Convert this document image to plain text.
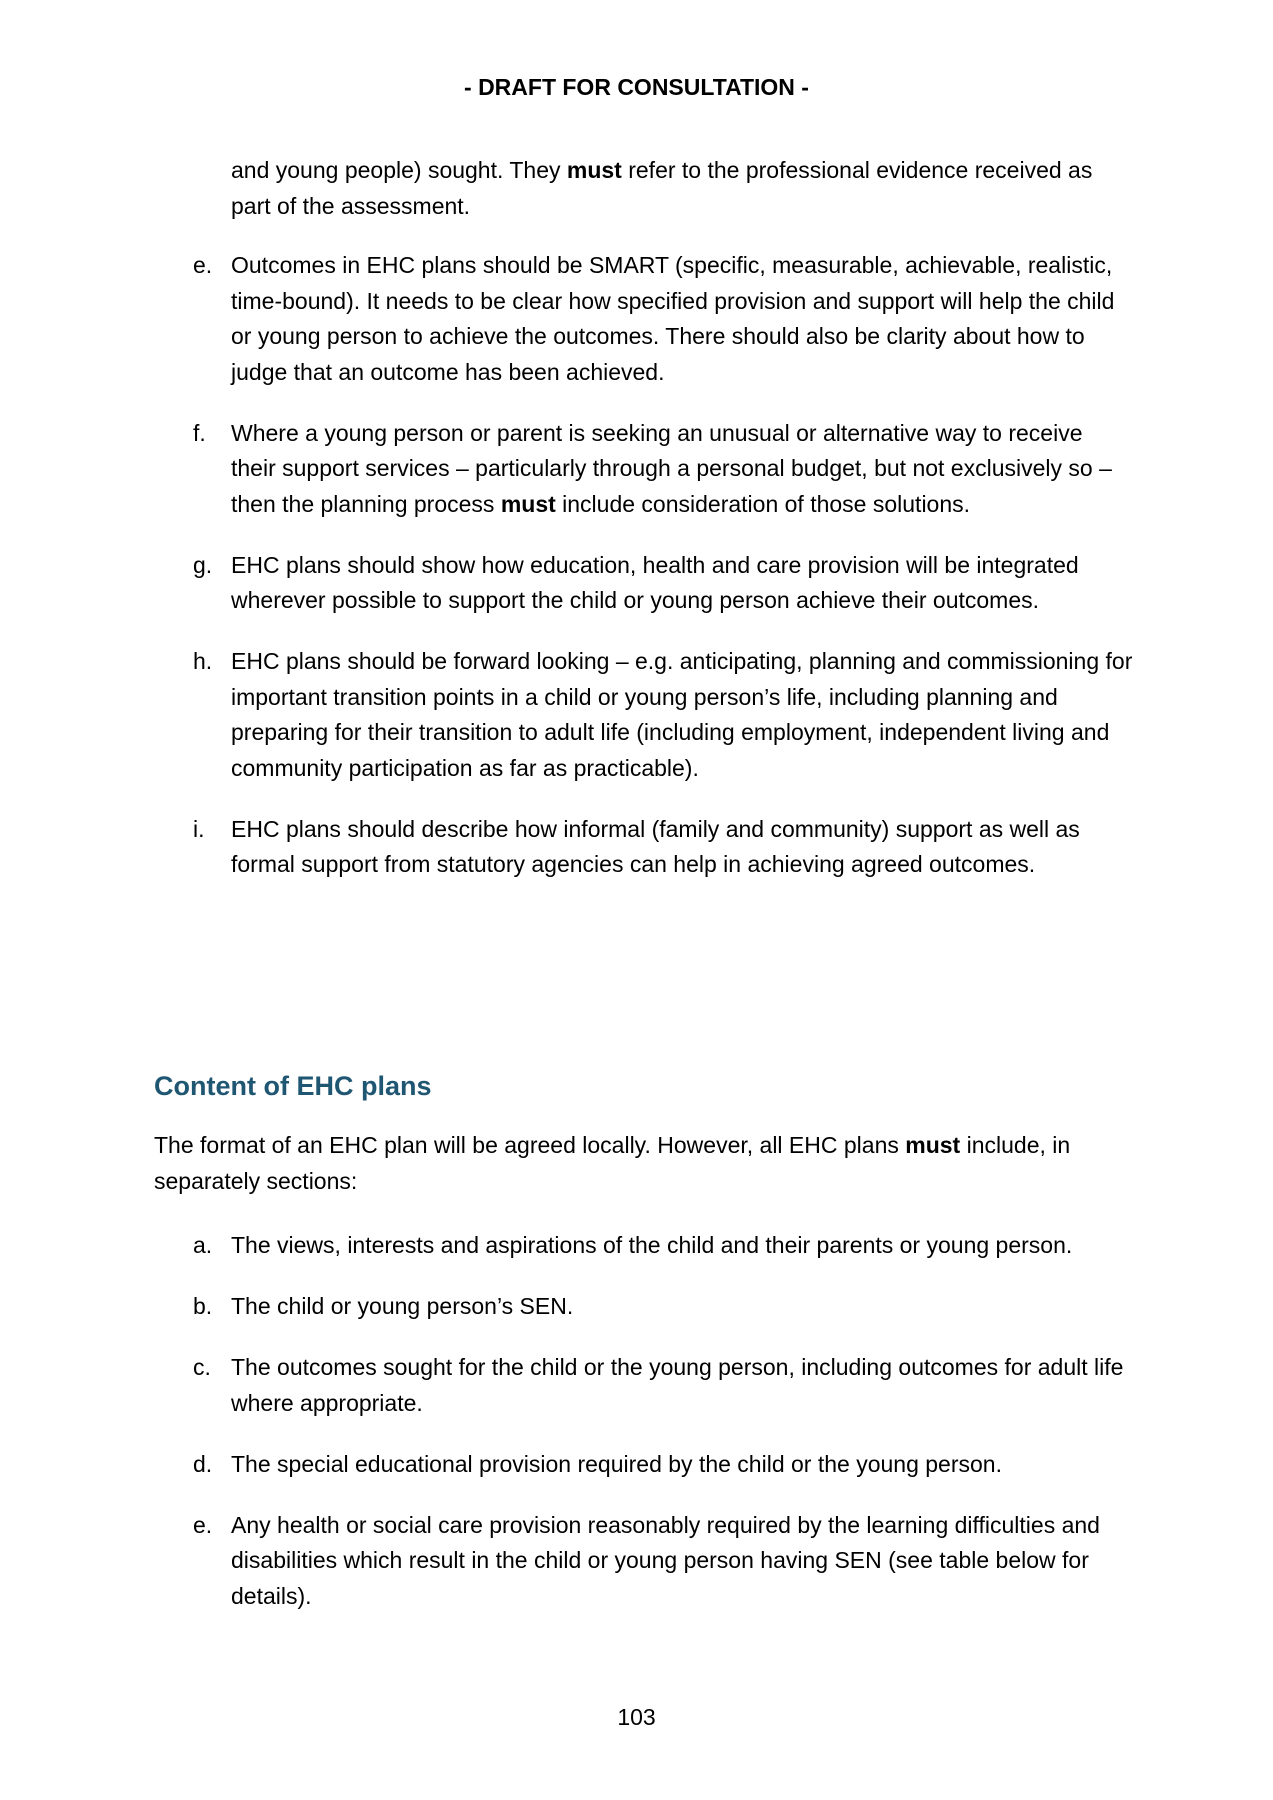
- DRAFT FOR CONSULTATION -
and young people) sought. They must refer to the professional evidence received as part of the assessment.
e. Outcomes in EHC plans should be SMART (specific, measurable, achievable, realistic, time-bound). It needs to be clear how specified provision and support will help the child or young person to achieve the outcomes. There should also be clarity about how to judge that an outcome has been achieved.
f. Where a young person or parent is seeking an unusual or alternative way to receive their support services – particularly through a personal budget, but not exclusively so – then the planning process must include consideration of those solutions.
g. EHC plans should show how education, health and care provision will be integrated wherever possible to support the child or young person achieve their outcomes.
h. EHC plans should be forward looking – e.g. anticipating, planning and commissioning for important transition points in a child or young person’s life, including planning and preparing for their transition to adult life (including employment, independent living and community participation as far as practicable).
i. EHC plans should describe how informal (family and community) support as well as formal support from statutory agencies can help in achieving agreed outcomes.
Content of EHC plans
The format of an EHC plan will be agreed locally. However, all EHC plans must include, in separately sections:
a. The views, interests and aspirations of the child and their parents or young person.
b. The child or young person’s SEN.
c. The outcomes sought for the child or the young person, including outcomes for adult life where appropriate.
d. The special educational provision required by the child or the young person.
e. Any health or social care provision reasonably required by the learning difficulties and disabilities which result in the child or young person having SEN (see table below for details).
103
